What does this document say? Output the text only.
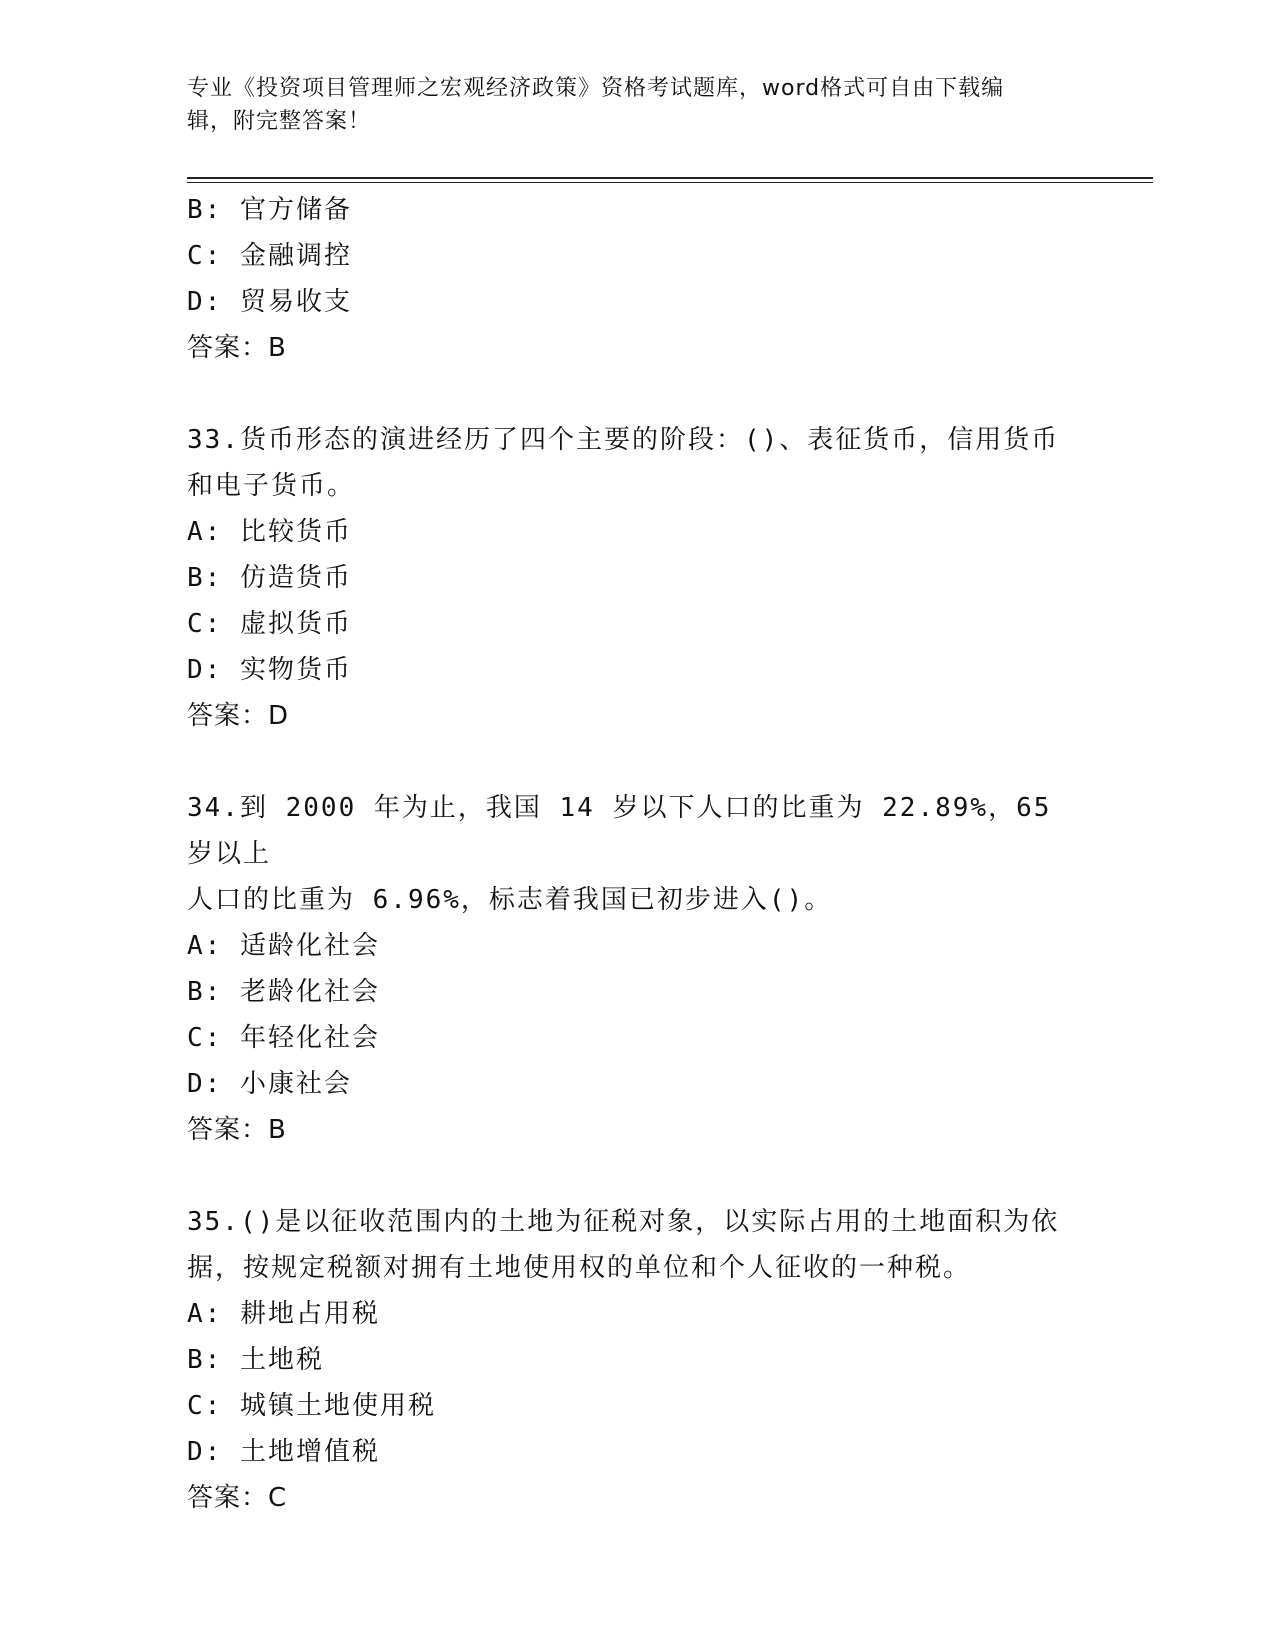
专业《投资项目管理师之宏观经济政策》资格考试题库，word格式可自由下载编
辑，附完整答案！
B: 官方储备
C: 金融调控
D: 贸易收支
答案：B
33.货币形态的演进经历了四个主要的阶段：()、表征货币，信用货币
和电子货币。
A: 比较货币
B: 仿造货币
C: 虚拟货币
D: 实物货币
答案：D
34.到 2000 年为止，我国 14 岁以下人口的比重为 22.89%，65 岁以上
人口的比重为 6.96%，标志着我国已初步进入()。
A: 适龄化社会
B: 老龄化社会
C: 年轻化社会
D: 小康社会
答案：B
35.()是以征收范围内的土地为征税对象，以实际占用的土地面积为依
据，按规定税额对拥有土地使用权的单位和个人征收的一种税。
A: 耕地占用税
B: 土地税
C: 城镇土地使用税
D: 土地增值税
答案：C
